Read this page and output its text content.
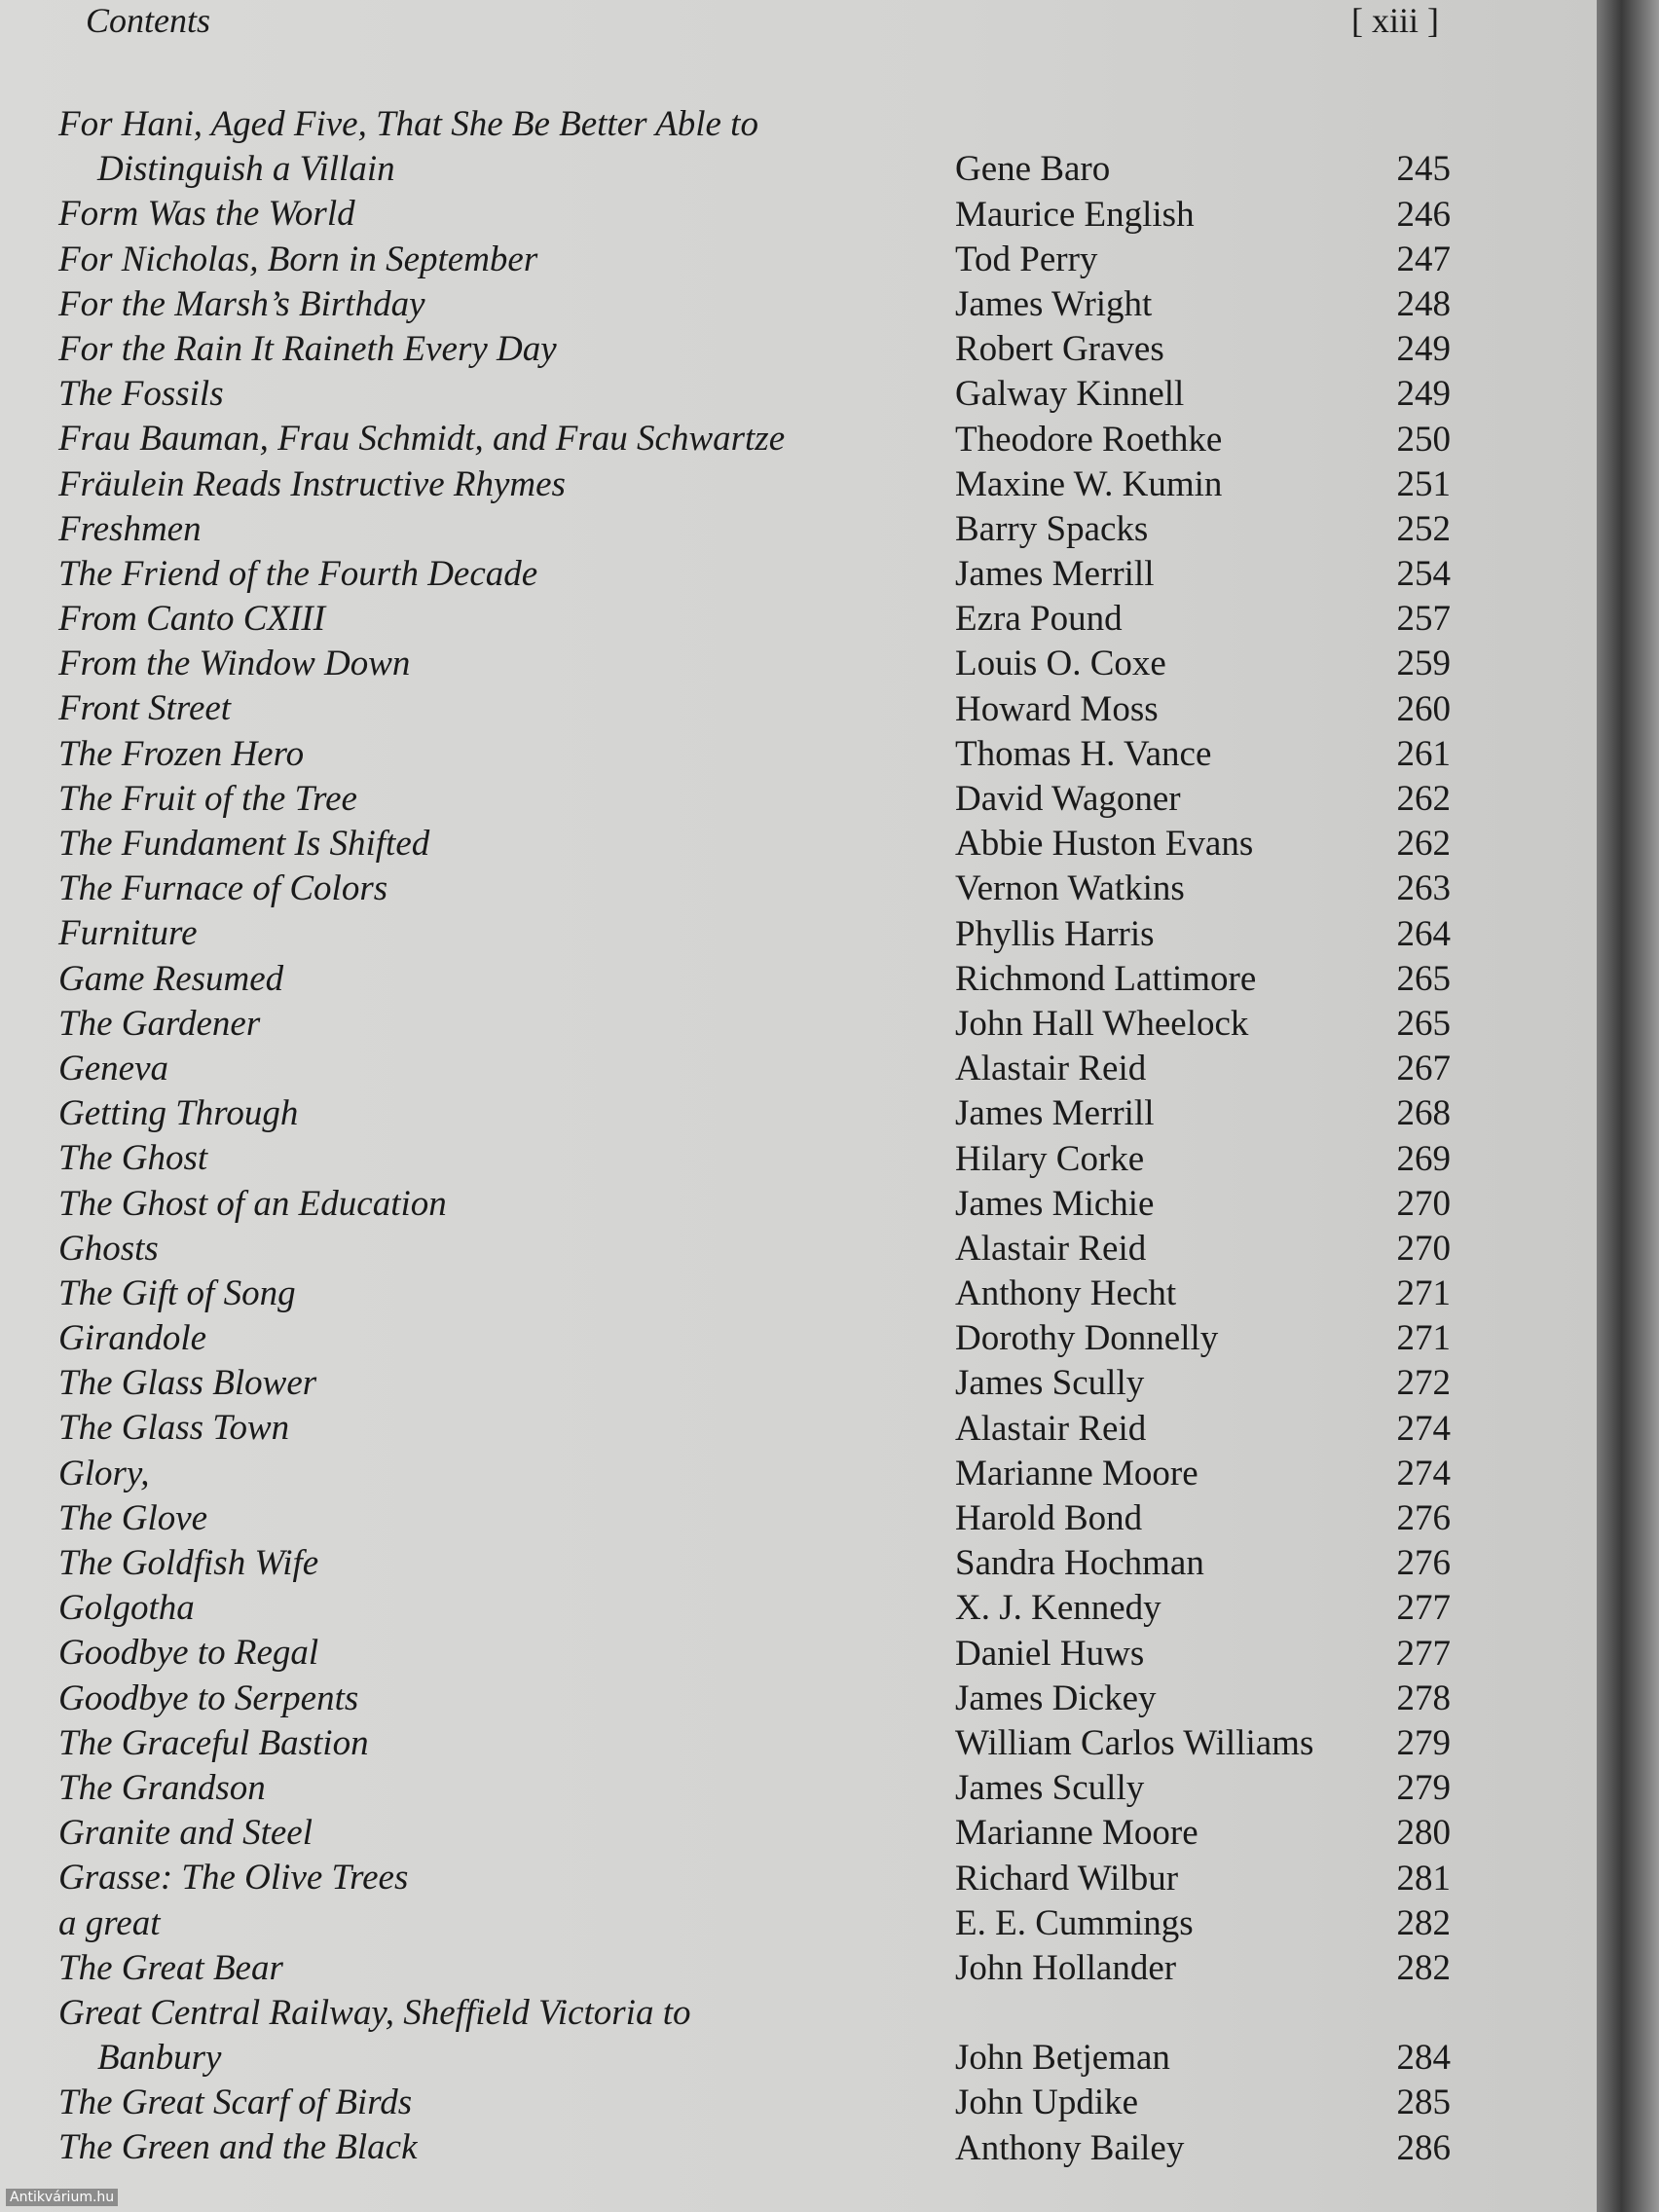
Contents	[ xiii ]
For Hani, Aged Five, That She Be Better Able to
Distinguish a Villain	Gene Baro	245
Form Was the World	Maurice English	246
For Nicholas, Born in September	Tod Perry	247
For the Marsh’s Birthday	James Wright	248
For the Rain It Raineth Every Day	Robert Graves	249
The Fossils	Galway Kinnell	249
Frau Bauman, Frau Schmidt, and Frau Schwartze	Theodore Roethke	250
Fräulein Reads Instructive Rhymes	Maxine W. Kumin	251
Freshmen	Barry Spacks	252
The Friend of the Fourth Decade	James Merrill	254
From Canto CXIII	Ezra Pound	257
From the Window Down	Louis O. Coxe	259
Front Street	Howard Moss	260
The Frozen Hero	Thomas H. Vance	261
The Fruit of the Tree	David Wagoner	262
The Fundament Is Shifted	Abbie Huston Evans	262
The Furnace of Colors	Vernon Watkins	263
Furniture	Phyllis Harris	264
Game Resumed	Richmond Lattimore	265
The Gardener	John Hall Wheelock	265
Geneva	Alastair Reid	267
Getting Through	James Merrill	268
The Ghost	Hilary Corke	269
The Ghost of an Education	James Michie	270
Ghosts	Alastair Reid	270
The Gift of Song	Anthony Hecht	271
Girandole	Dorothy Donnelly	271
The Glass Blower	James Scully	272
The Glass Town	Alastair Reid	274
Glory,	Marianne Moore	274
The Glove	Harold Bond	276
The Goldfish Wife	Sandra Hochman	276
Golgotha	X. J. Kennedy	277
Goodbye to Regal	Daniel Huws	277
Goodbye to Serpents	James Dickey	278
The Graceful Bastion	William Carlos Williams	279
The Grandson	James Scully	279
Granite and Steel	Marianne Moore	280
Grasse: The Olive Trees	Richard Wilbur	281
a great	E. E. Cummings	282
The Great Bear	John Hollander	282
Great Central Railway, Sheffield Victoria to
Banbury	John Betjeman	284
The Great Scarf of Birds	John Updike	285
The Green and the Black	Anthony Bailey	286
Antikvárium.hu
